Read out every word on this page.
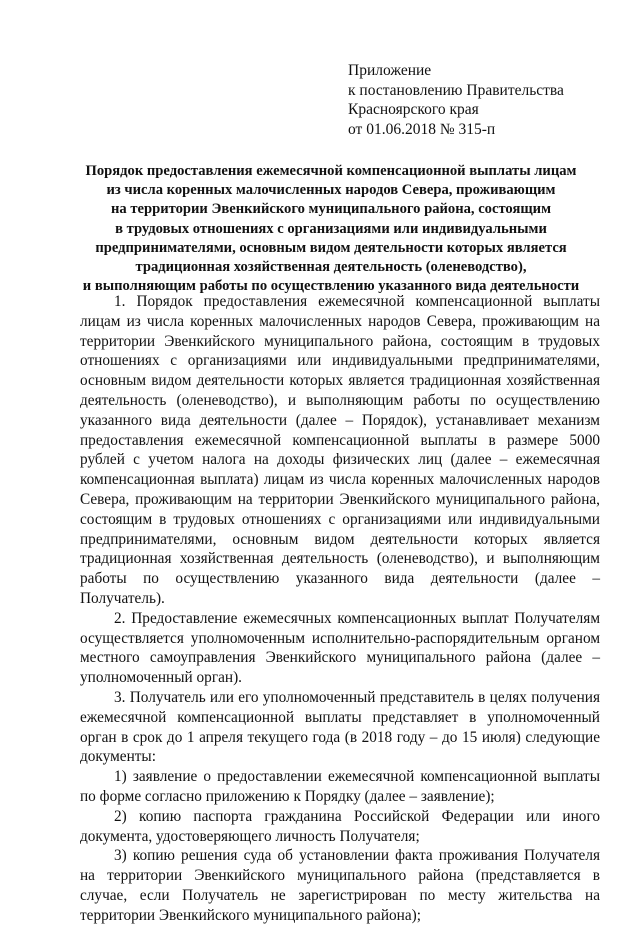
Приложение
к постановлению Правительства
Красноярского края
от 01.06.2018 № 315-п
Порядок предоставления ежемесячной компенсационной выплаты лицам
из числа коренных малочисленных народов Севера, проживающим
на территории Эвенкийского муниципального района, состоящим
в трудовых отношениях с организациями или индивидуальными
предпринимателями, основным видом деятельности которых является
традиционная хозяйственная деятельность (оленеводство),
и выполняющим работы по осуществлению указанного вида деятельности

1. Порядок предоставления ежемесячной компенсационной выплаты лицам из числа коренных малочисленных народов Севера, проживающим на территории Эвенкийского муниципального района, состоящим в трудовых отношениях с организациями или индивидуальными предпринимателями, основным видом деятельности которых является традиционная хозяйственная деятельность (оленеводство), и выполняющим работы по осуществлению указанного вида деятельности (далее – Порядок), устанавливает механизм предоставления ежемесячной компенсационной выплаты в размере 5000 рублей с учетом налога на доходы физических лиц (далее – ежемесячная компенсационная выплата) лицам из числа коренных малочисленных народов Севера, проживающим на территории Эвенкийского муниципального района, состоящим в трудовых отношениях с организациями или индивидуальными предпринимателями, основным видом деятельности которых является традиционная хозяйственная деятельность (оленеводство), и выполняющим работы по осуществлению указанного вида деятельности (далее – Получатель).

2. Предоставление ежемесячных компенсационных выплат Получателям осуществляется уполномоченным исполнительно-распорядительным органом местного самоуправления Эвенкийского муниципального района (далее – уполномоченный орган).

3. Получатель или его уполномоченный представитель в целях получения ежемесячной компенсационной выплаты представляет в уполномоченный орган в срок до 1 апреля текущего года (в 2018 году – до 15 июля) следующие документы:

1) заявление о предоставлении ежемесячной компенсационной выплаты по форме согласно приложению к Порядку (далее – заявление);

2) копию паспорта гражданина Российской Федерации или иного документа, удостоверяющего личность Получателя;

3) копию решения суда об установлении факта проживания Получателя на территории Эвенкийского муниципального района (представляется в случае, если Получатель не зарегистрирован по месту жительства на территории Эвенкийского муниципального района);
